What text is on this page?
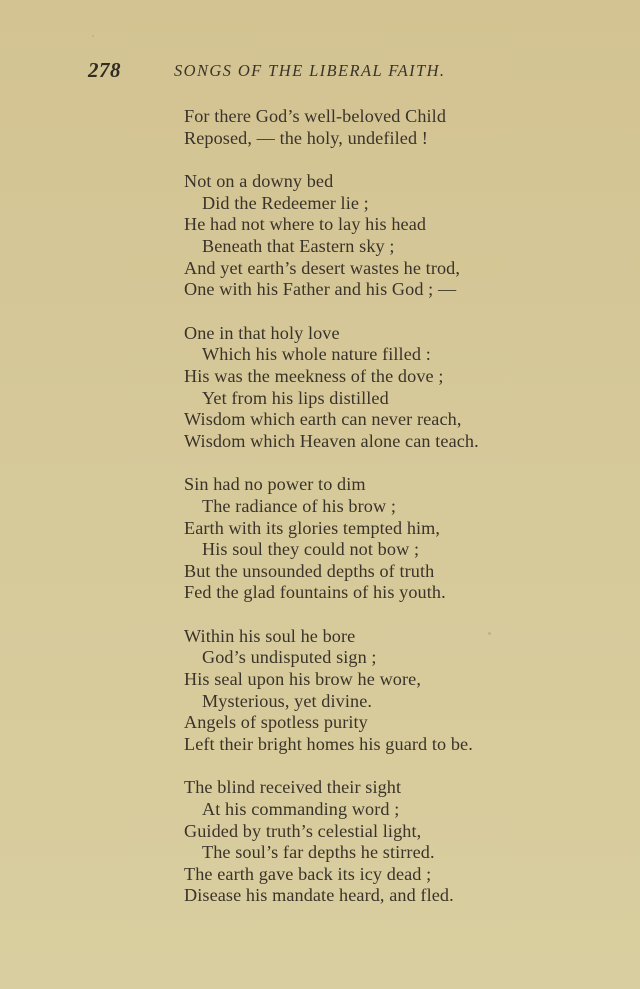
278	SONGS OF THE LIBERAL FAITH.
For there God’s well-beloved Child
Reposed, — the holy, undefiled !
Not on a downy bed
Did the Redeemer lie ;
He had not where to lay his head
Beneath that Eastern sky ;
And yet earth’s desert wastes he trod,
One with his Father and his God ; —
One in that holy love
Which his whole nature filled :
His was the meekness of the dove ;
Yet from his lips distilled
Wisdom which earth can never reach,
Wisdom which Heaven alone can teach.
Sin had no power to dim
The radiance of his brow ;
Earth with its glories tempted him,
His soul they could not bow ;
But the unsounded depths of truth
Fed the glad fountains of his youth.
Within his soul he bore
God’s undisputed sign ;
His seal upon his brow he wore,
Mysterious, yet divine.
Angels of spotless purity
Left their bright homes his guard to be.
The blind received their sight
At his commanding word ;
Guided by truth’s celestial light,
The soul’s far depths he stirred.
The earth gave back its icy dead ;
Disease his mandate heard, and fled.
